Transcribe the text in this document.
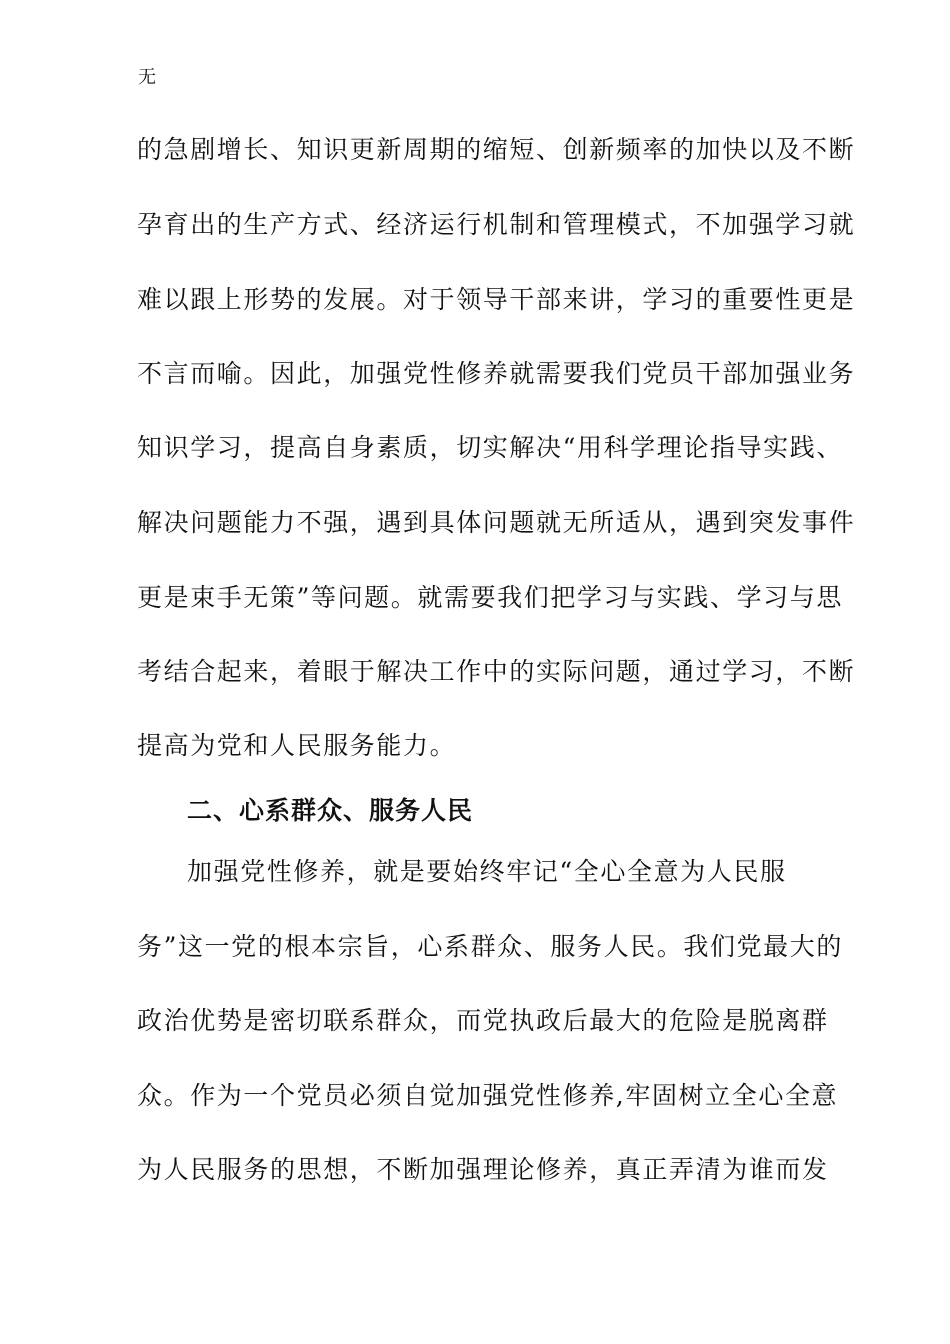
无
的急剧增长、知识更新周期的缩短、创新频率的加快以及不断
孕育出的生产方式、经济运行机制和管理模式，不加强学习就
难以跟上形势的发展。对于领导干部来讲，学习的重要性更是
不言而喻。因此，加强党性修养就需要我们党员干部加强业务
知识学习，提高自身素质，切实解决“用科学理论指导实践、
解决问题能力不强，遇到具体问题就无所适从，遇到突发事件
更是束手无策”等问题。就需要我们把学习与实践、学习与思
考结合起来，着眼于解决工作中的实际问题，通过学习，不断
提高为党和人民服务能力。
二、心系群众、服务人民
加强党性修养，就是要始终牢记“全心全意为人民服
务”这一党的根本宗旨，心系群众、服务人民。我们党最大的
政治优势是密切联系群众，而党执政后最大的危险是脱离群
众。作为一个党员必须自觉加强党性修养,牢固树立全心全意
为人民服务的思想，不断加强理论修养，真正弄清为谁而发
